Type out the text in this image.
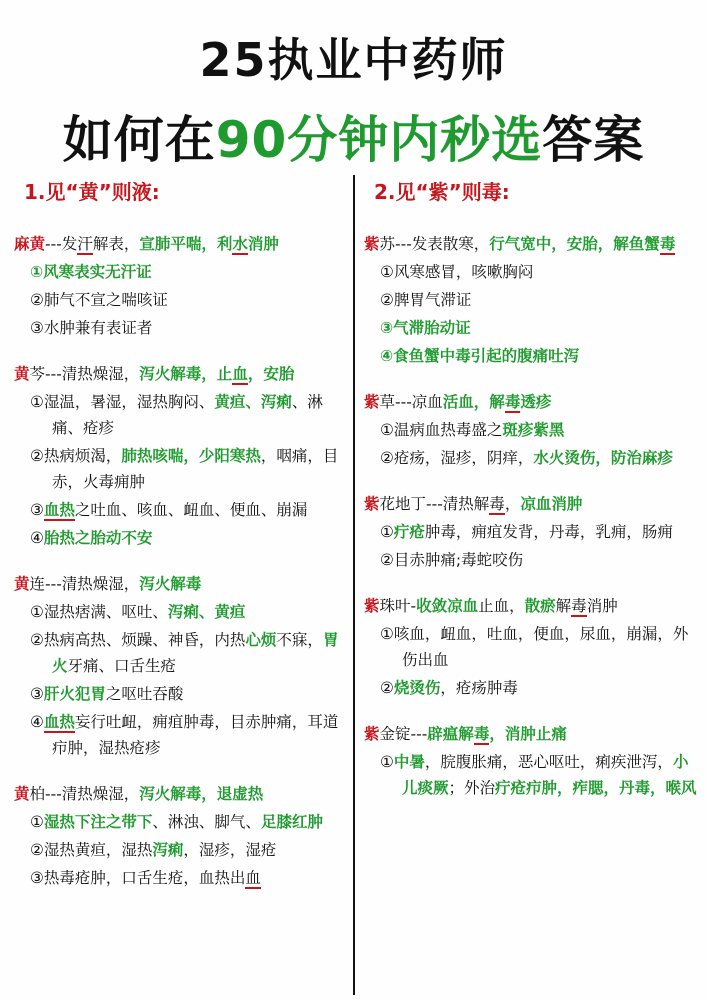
25执业中药师
如何在90分钟内秒选答案
1.见“黄”则液:
麻黄---发汗解表，宣肺平喘，利水消肿
①风寒表实无汗证
②肺气不宣之喘咳证
③水肿兼有表证者
黄芩---清热燥湿，泻火解毒，止血，安胎
①湿温，暑湿，湿热胸闷、黄疸、泻痢、淋痛、疮疹
②热病烦渴，肺热咳喘，少阳寒热，咽痛，目赤，火毒痈肿
③血热之吐血、咳血、衄血、便血、崩漏
④胎热之胎动不安
黄连---清热燥湿，泻火解毒
①湿热痞满、呕吐、泻痢、黄疸
②热病高热、烦躁、神昏，内热心烦不寐，胃火牙痛、口舌生疮
③肝火犯胃之呕吐吞酸
④血热妄行吐衄，痈疽肿毒，目赤肿痛，耳道疖肿，湿热疮疹
黄柏---清热燥湿，泻火解毒，退虚热
①湿热下注之带下、淋浊、脚气、足膝红肿
②湿热黄疸，湿热泻痢，湿疹，湿疮
③热毒疮肿，口舌生疮，血热出血
2.见“紫”则毒:
紫苏---发表散寒，行气宽中，安胎，解鱼蟹毒
①风寒感冒，咳嗽胸闷
②脾胃气滞证
③气滞胎动证
④食鱼蟹中毒引起的腹痛吐泻
紫草---凉血活血，解毒透疹
①温病血热毒盛之斑疹紫黑
②疮疡，湿疹，阴痒，水火烫伤，防治麻疹
紫花地丁---清热解毒，凉血消肿
①疔疮肿毒，痈疽发背，丹毒，乳痈，肠痈
②目赤肿痛;毒蛇咬伤
紫珠叶-收敛凉血止血，散瘀解毒消肿
①咳血，衄血，吐血，便血，尿血，崩漏，外伤出血
②烧烫伤，疮疡肿毒
紫金锭---辟瘟解毒，消肿止痛
①中暑，脘腹胀痛，恶心呕吐，痢疾泄泻，小儿痰厥；外治疔疮疖肿，痄腮，丹毒，喉风
